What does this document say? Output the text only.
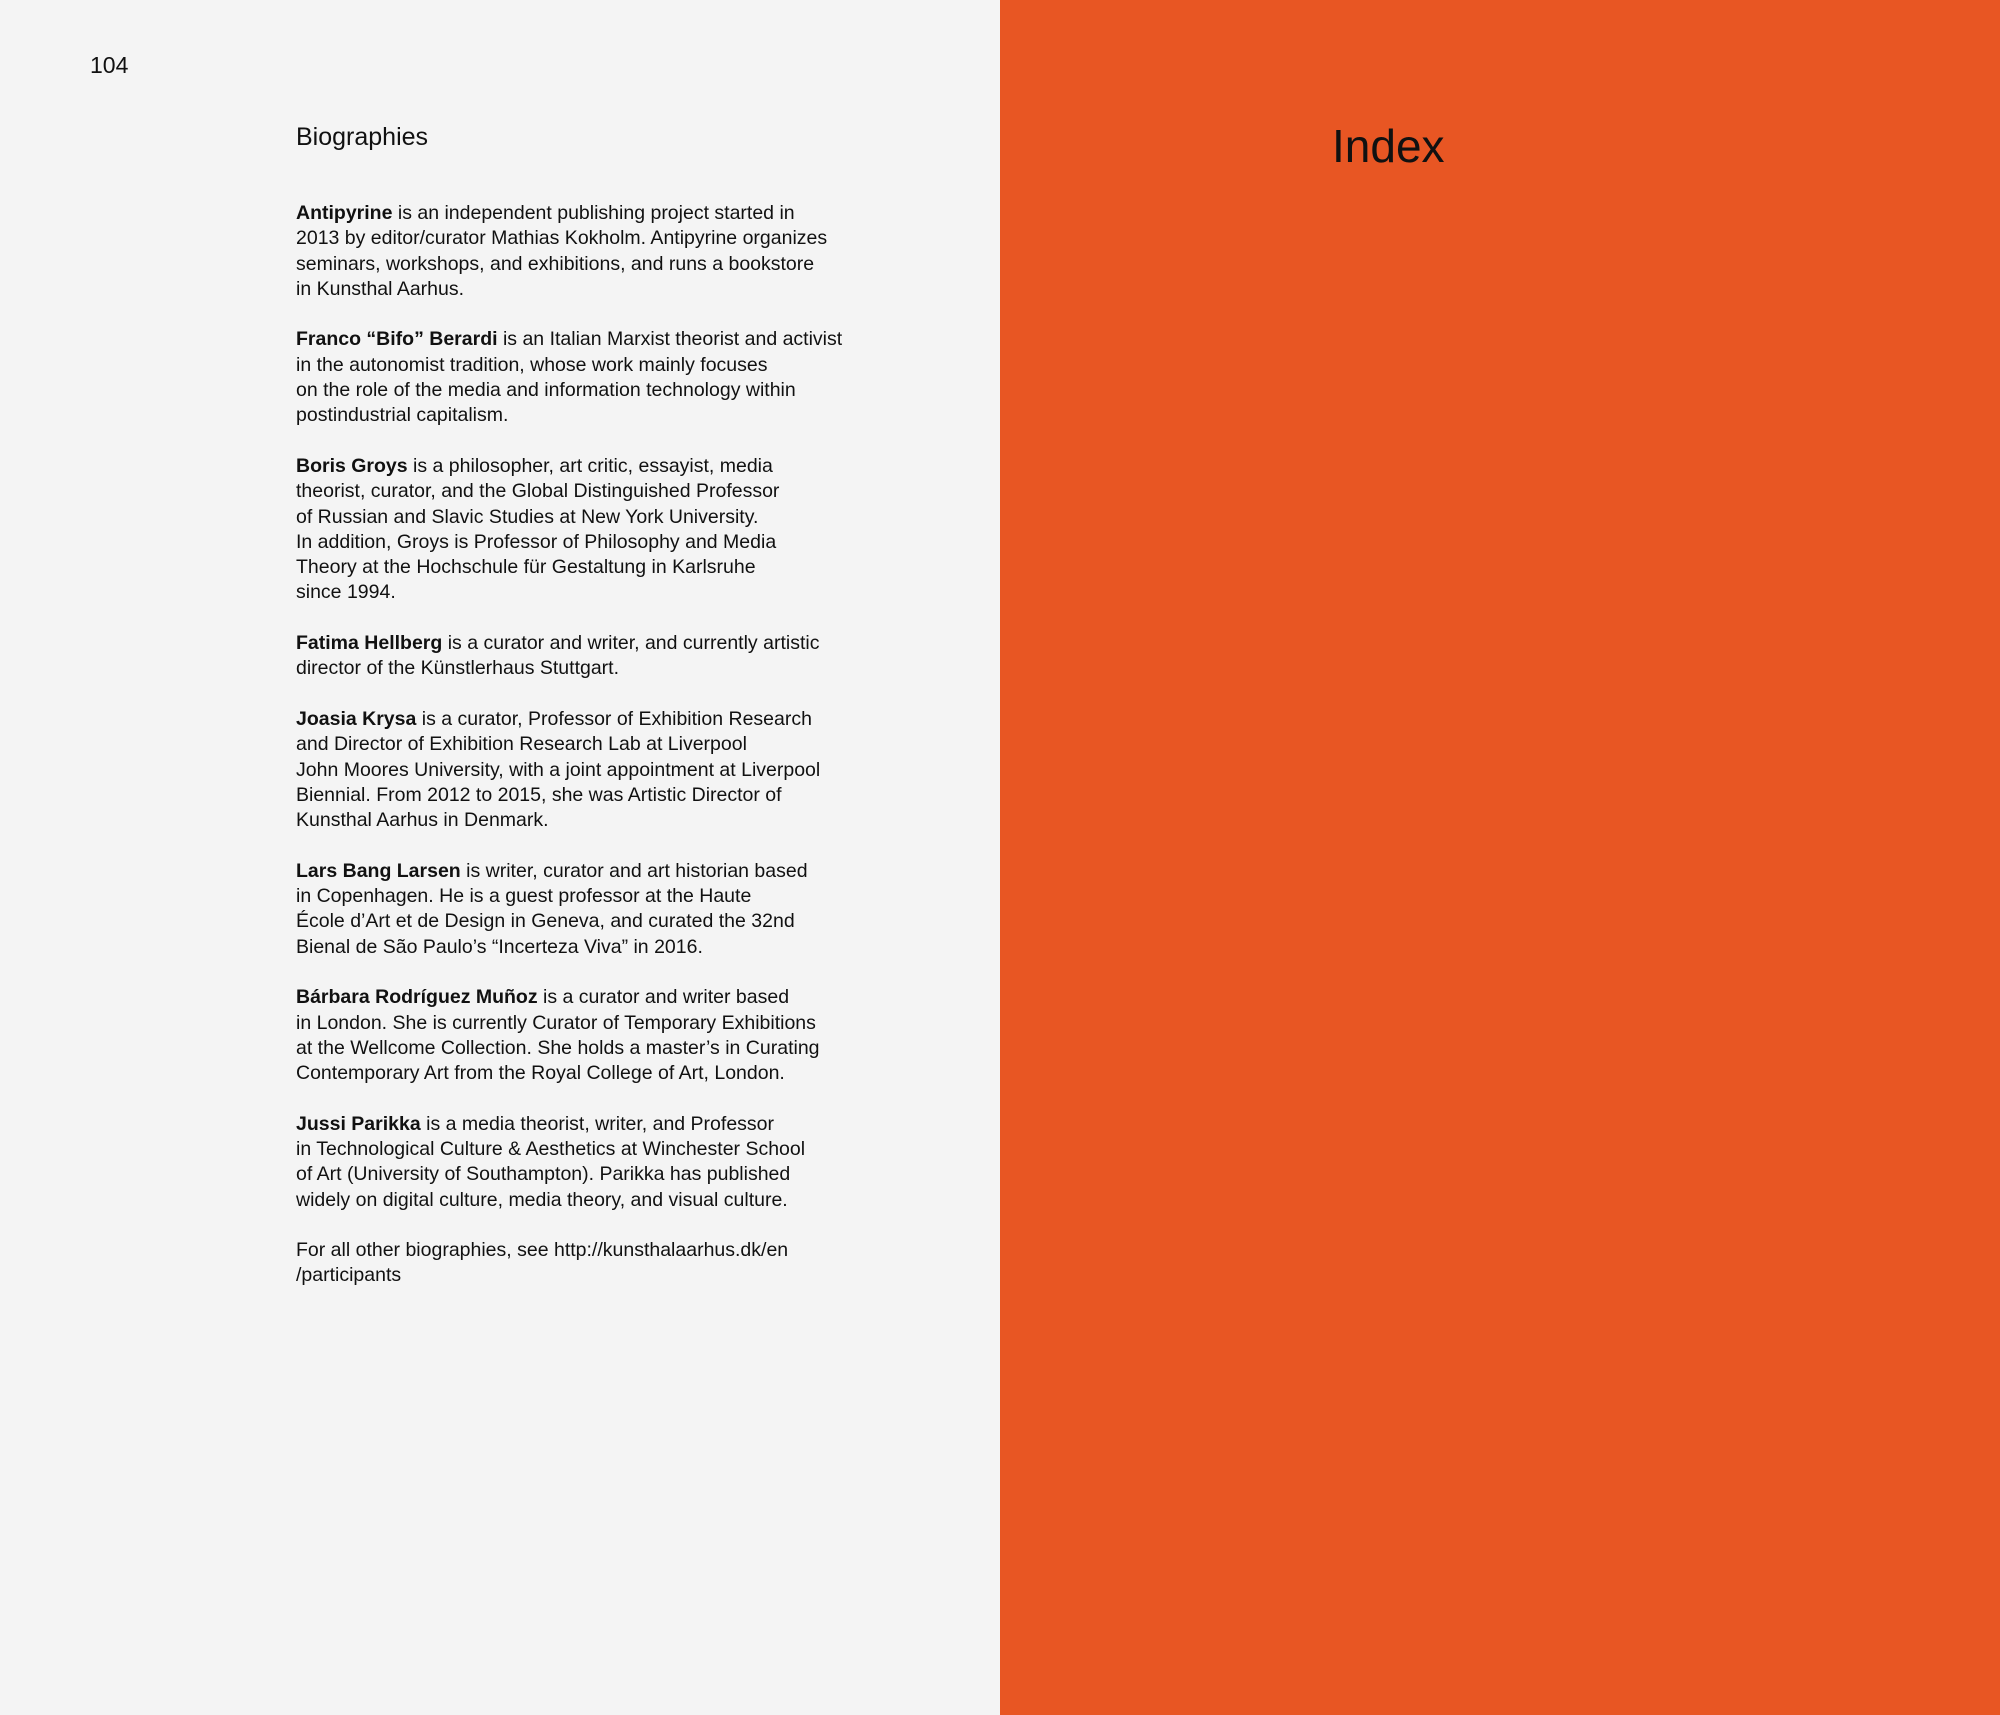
104
Biographies

Antipyrine is an independent publishing project started in
2013 by editor/curator Mathias Kokholm. Antipyrine organizes
seminars, workshops, and exhibitions, and runs a bookstore
in Kunsthal Aarhus.

Franco “Bifo” Berardi is an Italian Marxist theorist and activist
in the autonomist tradition, whose work mainly focuses
on the role of the media and information technology within
postindustrial capitalism.

Boris Groys is a philosopher, art critic, essayist, media
theorist, curator, and the Global Distinguished Professor
of Russian and Slavic Studies at New York University.
In addition, Groys is Professor of Philosophy and Media
Theory at the Hochschule für Gestaltung in Karlsruhe
since 1994.

Fatima Hellberg is a curator and writer, and currently artistic
director of the Künstlerhaus Stuttgart.

Joasia Krysa is a curator, Professor of Exhibition Research
and Director of Exhibition Research Lab at Liverpool
John Moores University, with a joint appointment at Liverpool
Biennial. From 2012 to 2015, she was Artistic Director of
Kunsthal Aarhus in Denmark.

Lars Bang Larsen is writer, curator and art historian based
in Copenhagen. He is a guest professor at the Haute
École d’Art et de Design in Geneva, and curated the 32nd
Bienal de São Paulo’s “Incerteza Viva” in 2016.

Bárbara Rodríguez Muñoz is a curator and writer based
in London. She is currently Curator of Temporary Exhibitions
at the Wellcome Collection. She holds a master’s in Curating
Contemporary Art from the Royal College of Art, London.

Jussi Parikka is a media theorist, writer, and Professor
in Technological Culture & Aesthetics at Winchester School
of Art (University of Southampton). Parikka has published
widely on digital culture, media theory, and visual culture.

For all other biographies, see http://kunsthalaarhus.dk/en
/participants

Index
